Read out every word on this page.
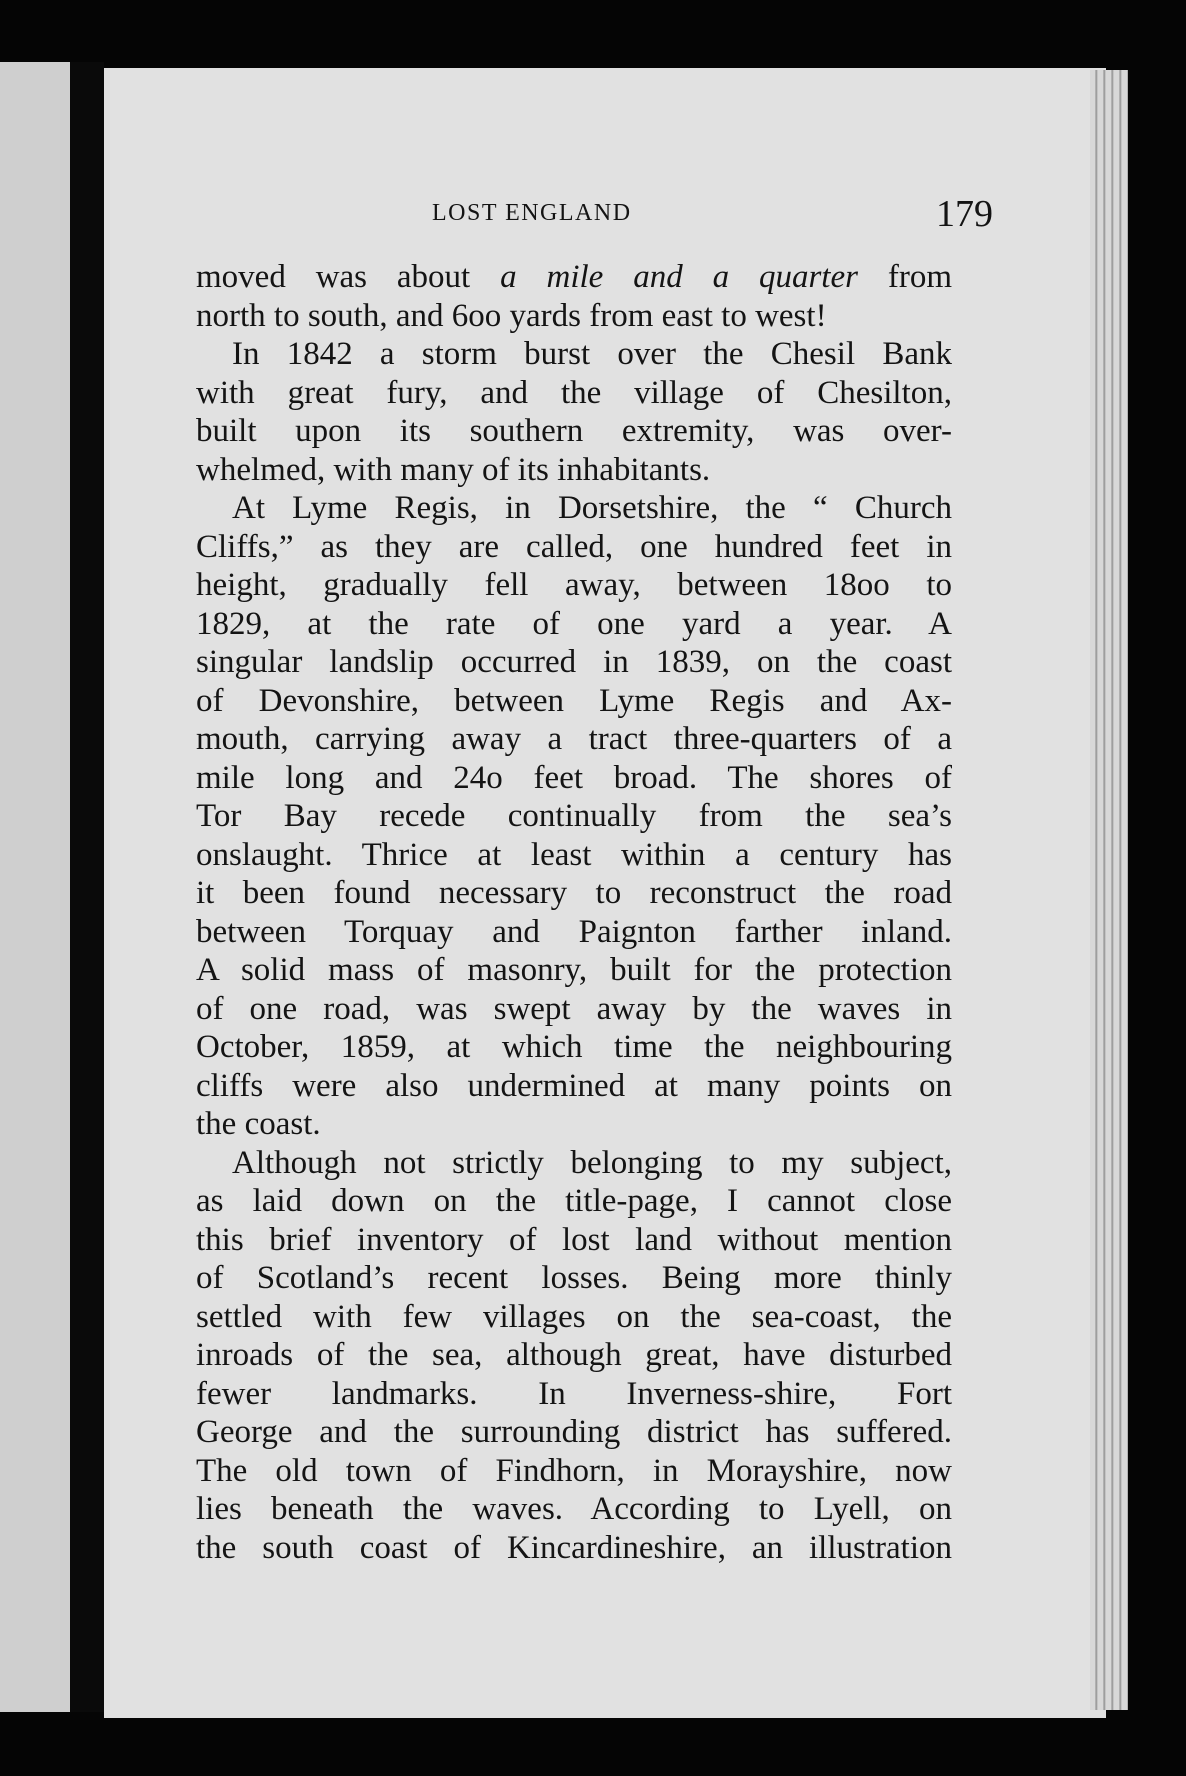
LOST ENGLAND	179
moved was about a mile and a quarter from
north to south, and 6oo yards from east to west!
In 1842 a storm burst over the Chesil Bank
with great fury, and the village of Chesilton,
built upon its southern extremity, was over-
whelmed, with many of its inhabitants.
At Lyme Regis, in Dorsetshire, the “ Church
Cliffs,” as they are called, one hundred feet in
height, gradually fell away, between 18oo to
1829, at the rate of one yard a year. A
singular landslip occurred in 1839, on the coast
of Devonshire, between Lyme Regis and Ax-
mouth, carrying away a tract three-quarters of a
mile long and 24o feet broad. The shores of
Tor Bay recede continually from the sea’s
onslaught. Thrice at least within a century has
it been found necessary to reconstruct the road
between Torquay and Paignton farther inland.
A solid mass of masonry, built for the protection
of one road, was swept away by the waves in
October, 1859, at which time the neighbouring
cliffs were also undermined at many points on
the coast.
Although not strictly belonging to my subject,
as laid down on the title-page, I cannot close
this brief inventory of lost land without mention
of Scotland’s recent losses. Being more thinly
settled with few villages on the sea-coast, the
inroads of the sea, although great, have disturbed
fewer landmarks. In Inverness-shire, Fort
George and the surrounding district has suffered.
The old town of Findhorn, in Morayshire, now
lies beneath the waves. According to Lyell, on
the south coast of Kincardineshire, an illustration
